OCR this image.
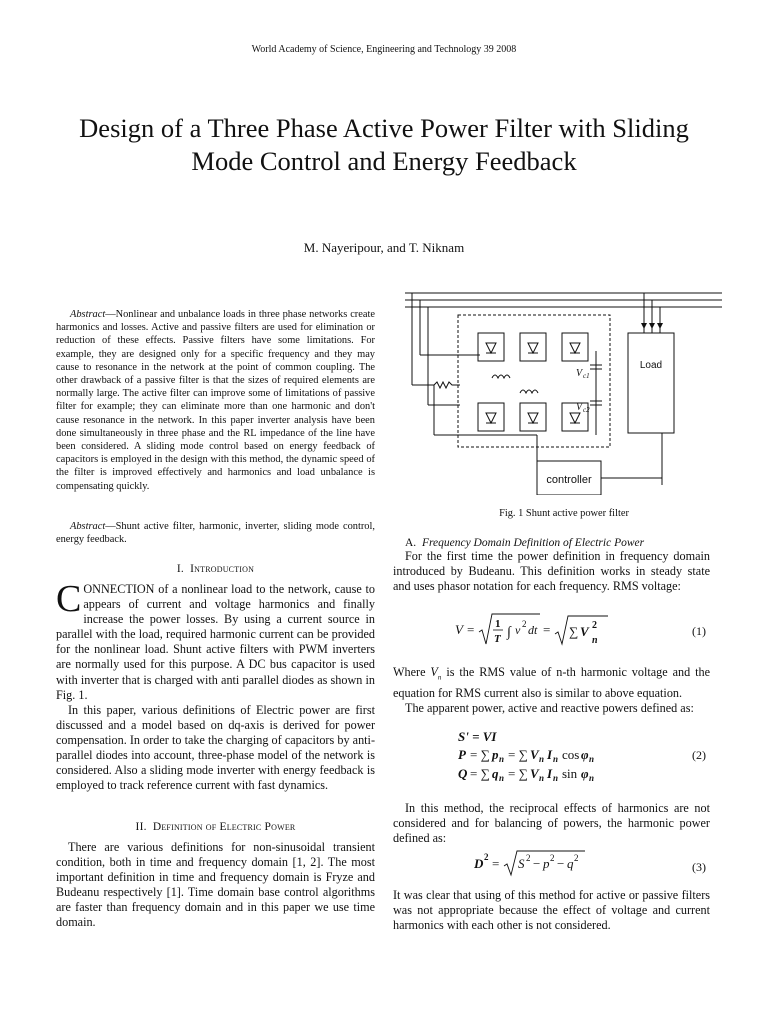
World Academy of Science, Engineering and Technology 39 2008
Design of a Three Phase Active Power Filter with Sliding Mode Control and Energy Feedback
M. Nayeripour, and T. Niknam

Abstract—Nonlinear and unbalance loads in three phase networks create harmonics and losses. Active and passive filters are used for elimination or reduction of these effects. Passive filters have some limitations. For example, they are designed only for a specific frequency and they may cause to resonance in the network at the point of common coupling. The other drawback of a passive filter is that the sizes of required elements are normally large. The active filter can improve some of limitations of passive filter for example; they can eliminate more than one harmonic and don't cause resonance in the network. In this paper inverter analysis have been done simultaneously in three phase and the RL impedance of the line have been considered. A sliding mode control based on energy feedback of capacitors is employed in the design with this method, the dynamic speed of the filter is improved effectively and harmonics and load unbalance is compensating quickly.

Abstract—Shunt active filter, harmonic, inverter, sliding mode control, energy feedback.

I. Introduction

CONNECTION of a nonlinear load to the network, cause to appears of current and voltage harmonics and finally increase the power losses. By using a current source in parallel with the load, required harmonic current can be provided for the nonlinear load. Shunt active filters with PWM inverters are normally used for this purpose. A DC bus capacitor is used with inverter that is charged with anti parallel diodes as shown in Fig. 1.

In this paper, various definitions of Electric power are first discussed and a model based on dq-axis is derived for power compensation. In order to take the charging of capacitors by anti- parallel diodes into account, three-phase model of the network is considered. Also a sliding mode inverter with energy feedback is employed to track reference current with fast dynamics.

II. Definition of Electric Power

There are various definitions for non-sinusoidal transient condition, both in time and frequency domain [1, 2]. The most important definition in time and frequency domain is Fryze and Budeanu respectively [1]. Time domain base control algorithms are faster than frequency domain and in this paper we use time domain.

Load
controller
V c1
V c2
Fig. 1 Shunt active power filter
A. Frequency Domain Definition of Electric Power

For the first time the power definition in frequency domain introduced by Budeanu. This definition works in steady state and uses phasor notation for each frequency. RMS voltage:

V = 1
T ∫ v 2 dt = ∑ V 2
n
(1)

Where $V_n$ is the RMS value of n-th harmonic voltage and the equation for RMS current also is similar to above equation.

The apparent power, active and reactive powers defined as:

S' = VI
P = ∑ p n = ∑ V n I n cos φ n
Q = ∑ q n = ∑ V n I n sin φ n
(2)

In this method, the reciprocal effects of harmonics are not considered and for balancing of powers, the harmonic power defined as:

D 2 = S 2 − p 2 − q 2
(3)

It was clear that using of this method for active or passive filters was not appropriate because the effect of voltage and current harmonics with each other is not considered.
